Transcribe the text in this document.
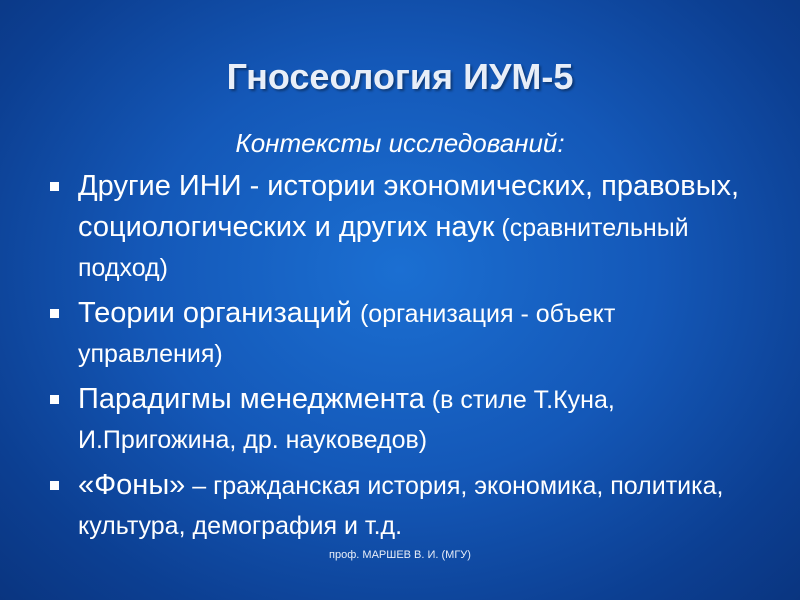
Гносеология ИУМ-5
Контексты исследований:
Другие ИНИ - истории экономических, правовых, социологических и других наук (сравнительный подход)
Теории организаций (организация - объект управления)
Парадигмы менеджмента (в стиле Т.Куна, И.Пригожина, др. науковедов)
«Фоны» – гражданская история, экономика, политика, культура, демография и т.д.
проф. МАРШЕВ В. И. (МГУ)
